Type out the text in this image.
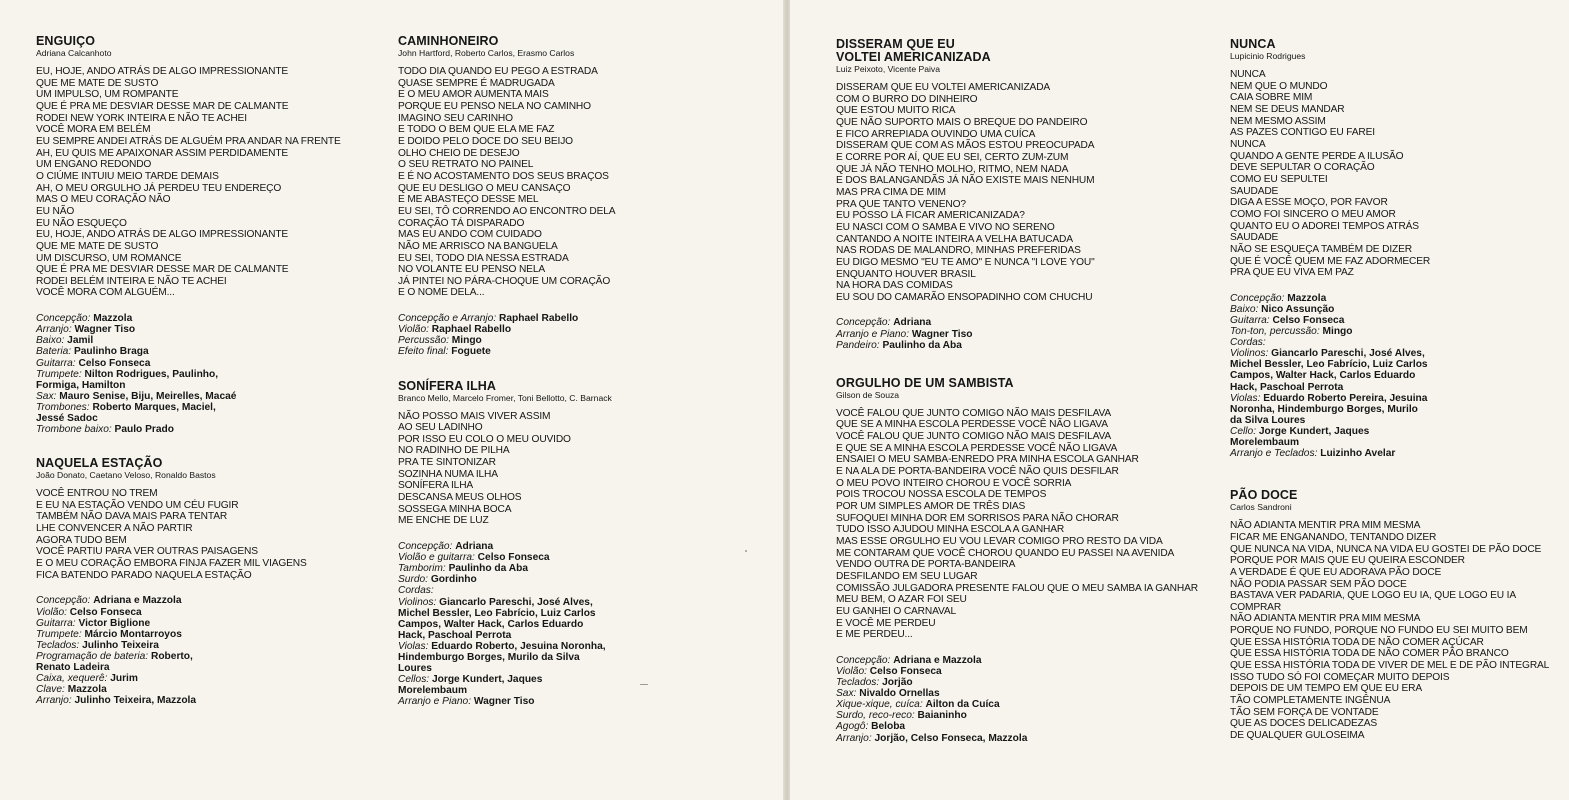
ENGUIÇO
Adriana Calcanhoto
EU, HOJE, ANDO ATRÁS DE ALGO IMPRESSIONANTE
QUE ME MATE DE SUSTO
UM IMPULSO, UM ROMPANTE
QUE É PRA ME DESVIAR DESSE MAR DE CALMANTE
RODEI NEW YORK INTEIRA E NÃO TE ACHEI
VOCÊ MORA EM BELÉM
EU SEMPRE ANDEI ATRÁS DE ALGUÉM PRA ANDAR NA FRENTE
AH, EU QUIS ME APAIXONAR ASSIM PERDIDAMENTE
UM ENGANO REDONDO
O CIÚME INTUIU MEIO TARDE DEMAIS
AH, O MEU ORGULHO JÁ PERDEU TEU ENDEREÇO
MAS O MEU CORAÇÃO NÃO
EU NÃO
EU NÃO ESQUEÇO
EU, HOJE, ANDO ATRÁS DE ALGO IMPRESSIONANTE
QUE ME MATE DE SUSTO
UM DISCURSO, UM ROMANCE
QUE É PRA ME DESVIAR DESSE MAR DE CALMANTE
RODEI BELÉM INTEIRA E NÃO TE ACHEI
VOCÊ MORA COM ALGUÉM...
Concepção: Mazzola
Arranjo: Wagner Tiso
Baixo: Jamil
Bateria: Paulinho Braga
Guitarra: Celso Fonseca
Trumpete: Nilton Rodrigues, Paulinho,
Formiga, Hamilton
Sax: Mauro Senise, Biju, Meirelles, Macaé
Trombones: Roberto Marques, Maciel,
Jessé Sadoc
Trombone baixo: Paulo Prado
NAQUELA ESTAÇÃO
João Donato, Caetano Veloso, Ronaldo Bastos
VOCÊ ENTROU NO TREM
E EU NA ESTAÇÃO VENDO UM CÉU FUGIR
TAMBÉM NÃO DAVA MAIS PARA TENTAR
LHE CONVENCER A NÃO PARTIR
AGORA TUDO BEM
VOCÊ PARTIU PARA VER OUTRAS PAISAGENS
E O MEU CORAÇÃO EMBORA FINJA FAZER MIL VIAGENS
FICA BATENDO PARADO NAQUELA ESTAÇÃO
Concepção: Adriana e Mazzola
Violão: Celso Fonseca
Guitarra: Victor Biglione
Trumpete: Márcio Montarroyos
Teclados: Julinho Teixeira
Programação de bateria: Roberto,
Renato Ladeira
Caixa, xequerê: Jurim
Clave: Mazzola
Arranjo: Julinho Teixeira, Mazzola
CAMINHONEIRO
John Hartford, Roberto Carlos, Erasmo Carlos
TODO DIA QUANDO EU PEGO A ESTRADA
QUASE SEMPRE É MADRUGADA
E O MEU AMOR AUMENTA MAIS
PORQUE EU PENSO NELA NO CAMINHO
IMAGINO SEU CARINHO
E TODO O BEM QUE ELA ME FAZ
E DOIDO PELO DOCE DO SEU BEIJO
OLHO CHEIO DE DESEJO
O SEU RETRATO NO PAINEL
E É NO ACOSTAMENTO DOS SEUS BRAÇOS
QUE EU DESLIGO O MEU CANSAÇO
E ME ABASTEÇO DESSE MEL
EU SEI, TÔ CORRENDO AO ENCONTRO DELA
CORAÇÃO TÁ DISPARADO
MAS EU ANDO COM CUIDADO
NÃO ME ARRISCO NA BANGUELA
EU SEI, TODO DIA NESSA ESTRADA
NO VOLANTE EU PENSO NELA
JÁ PINTEI NO PÁRA-CHOQUE UM CORAÇÃO
E O NOME DELA...
Concepção e Arranjo: Raphael Rabello
Violão: Raphael Rabello
Percussão: Mingo
Efeito final: Foguete
SONÍFERA ILHA
Branco Mello, Marcelo Fromer, Toni Bellotto, C. Barnack
NÃO POSSO MAIS VIVER ASSIM
AO SEU LADINHO
POR ISSO EU COLO O MEU OUVIDO
NO RADINHO DE PILHA
PRA TE SINTONIZAR
SOZINHA NUMA ILHA
SONÍFERA ILHA
DESCANSA MEUS OLHOS
SOSSEGA MINHA BOCA
ME ENCHE DE LUZ
Concepção: Adriana
Violão e guitarra: Celso Fonseca
Tamborim: Paulinho da Aba
Surdo: Gordinho
Cordas:
Violinos: Giancarlo Pareschi, José Alves,
Michel Bessler, Leo Fabrício, Luiz Carlos
Campos, Walter Hack, Carlos Eduardo
Hack, Paschoal Perrota
Violas: Eduardo Roberto, Jesuina Noronha,
Hindemburgo Borges, Murilo da Silva
Loures
Cellos: Jorge Kundert, Jaques
Morelembaum
Arranjo e Piano: Wagner Tiso
DISSERAM QUE EU
VOLTEI AMERICANIZADA
Luiz Peixoto, Vicente Paiva
DISSERAM QUE EU VOLTEI AMERICANIZADA
COM O BURRO DO DINHEIRO
QUE ESTOU MUITO RICA
QUE NÃO SUPORTO MAIS O BREQUE DO PANDEIRO
E FICO ARREPIADA OUVINDO UMA CUÍCA
DISSERAM QUE COM AS MÃOS ESTOU PREOCUPADA
E CORRE POR AÍ, QUE EU SEI, CERTO ZUM-ZUM
QUE JÁ NÃO TENHO MOLHO, RITMO, NEM NADA
E DOS BALANGANDÃS JÁ NÃO EXISTE MAIS NENHUM
MAS PRA CIMA DE MIM
PRA QUE TANTO VENENO?
EU POSSO LÁ FICAR AMERICANIZADA?
EU NASCI COM O SAMBA E VIVO NO SERENO
CANTANDO A NOITE INTEIRA A VELHA BATUCADA
NAS RODAS DE MALANDRO, MINHAS PREFERIDAS
EU DIGO MESMO "EU TE AMO" E NUNCA "I LOVE YOU"
ENQUANTO HOUVER BRASIL
NA HORA DAS COMIDAS
EU SOU DO CAMARÃO ENSOPADINHO COM CHUCHU
Concepção: Adriana
Arranjo e Piano: Wagner Tiso
Pandeiro: Paulinho da Aba
ORGULHO DE UM SAMBISTA
Gilson de Souza
VOCÊ FALOU QUE JUNTO COMIGO NÃO MAIS DESFILAVA
QUE SE A MINHA ESCOLA PERDESSE VOCÊ NÃO LIGAVA
VOCÊ FALOU QUE JUNTO COMIGO NÃO MAIS DESFILAVA
E QUE SE A MINHA ESCOLA PERDESSE VOCÊ NÃO LIGAVA
ENSAIEI O MEU SAMBA-ENREDO PRA MINHA ESCOLA GANHAR
E NA ALA DE PORTA-BANDEIRA VOCÊ NÃO QUIS DESFILAR
O MEU POVO INTEIRO CHOROU E VOCÊ SORRIA
POIS TROCOU NOSSA ESCOLA DE TEMPOS
POR UM SIMPLES AMOR DE TRÊS DIAS
SUFOQUEI MINHA DOR EM SORRISOS PARA NÃO CHORAR
TUDO ISSO AJUDOU MINHA ESCOLA A GANHAR
MAS ESSE ORGULHO EU VOU LEVAR COMIGO PRO RESTO DA VIDA
ME CONTARAM QUE VOCÊ CHOROU QUANDO EU PASSEI NA AVENIDA
VENDO OUTRA DE PORTA-BANDEIRA
DESFILANDO EM SEU LUGAR
COMISSÃO JULGADORA PRESENTE FALOU QUE O MEU SAMBA IA GANHAR
MEU BEM, O AZAR FOI SEU
EU GANHEI O CARNAVAL
E VOCÊ ME PERDEU
E ME PERDEU...
Concepção: Adriana e Mazzola
Violão: Celso Fonseca
Teclados: Jorjão
Sax: Nivaldo Ornellas
Xique-xique, cuíca: Ailton da Cuíca
Surdo, reco-reco: Baianinho
Agogô: Beloba
Arranjo: Jorjão, Celso Fonseca, Mazzola
NUNCA
Lupicinio Rodrigues
NUNCA
NEM QUE O MUNDO
CAIA SOBRE MIM
NEM SE DEUS MANDAR
NEM MESMO ASSIM
AS PAZES CONTIGO EU FAREI
NUNCA
QUANDO A GENTE PERDE A ILUSÃO
DEVE SEPULTAR O CORAÇÃO
COMO EU SEPULTEI
SAUDADE
DIGA A ESSE MOÇO, POR FAVOR
COMO FOI SINCERO O MEU AMOR
QUANTO EU O ADOREI TEMPOS ATRÁS
SAUDADE
NÃO SE ESQUEÇA TAMBÉM DE DIZER
QUE É VOCÊ QUEM ME FAZ ADORMECER
PRA QUE EU VIVA EM PAZ
Concepção: Mazzola
Baixo: Nico Assunção
Guitarra: Celso Fonseca
Ton-ton, percussão: Mingo
Cordas:
Violinos: Giancarlo Pareschi, José Alves,
Michel Bessler, Leo Fabrício, Luiz Carlos
Campos, Walter Hack, Carlos Eduardo
Hack, Paschoal Perrota
Violas: Eduardo Roberto Pereira, Jesuina
Noronha, Hindemburgo Borges, Murilo
da Silva Loures
Cello: Jorge Kundert, Jaques
Morelembaum
Arranjo e Teclados: Luizinho Avelar
PÃO DOCE
Carlos Sandroni
NÃO ADIANTA MENTIR PRA MIM MESMA
FICAR ME ENGANANDO, TENTANDO DIZER
QUE NUNCA NA VIDA, NUNCA NA VIDA EU GOSTEI DE PÃO DOCE
PORQUE POR MAIS QUE EU QUEIRA ESCONDER
A VERDADE É QUE EU ADORAVA PÃO DOCE
NÃO PODIA PASSAR SEM PÃO DOCE
BASTAVA VER PADARIA, QUE LOGO EU IA, QUE LOGO EU IA
COMPRAR
NÃO ADIANTA MENTIR PRA MIM MESMA
PORQUE NO FUNDO, PORQUE NO FUNDO EU SEI MUITO BEM
QUE ESSA HISTÓRIA TODA DE NÃO COMER AÇÚCAR
QUE ESSA HISTÓRIA TODA DE NÃO COMER PÃO BRANCO
QUE ESSA HISTÓRIA TODA DE VIVER DE MEL E DE PÃO INTEGRAL
ISSO TUDO SÓ FOI COMEÇAR MUITO DEPOIS
DEPOIS DE UM TEMPO EM QUE EU ERA
TÃO COMPLETAMENTE INGÊNUA
TÃO SEM FORÇA DE VONTADE
QUE AS DOCES DELICADEZAS
DE QUALQUER GULOSEIMA
